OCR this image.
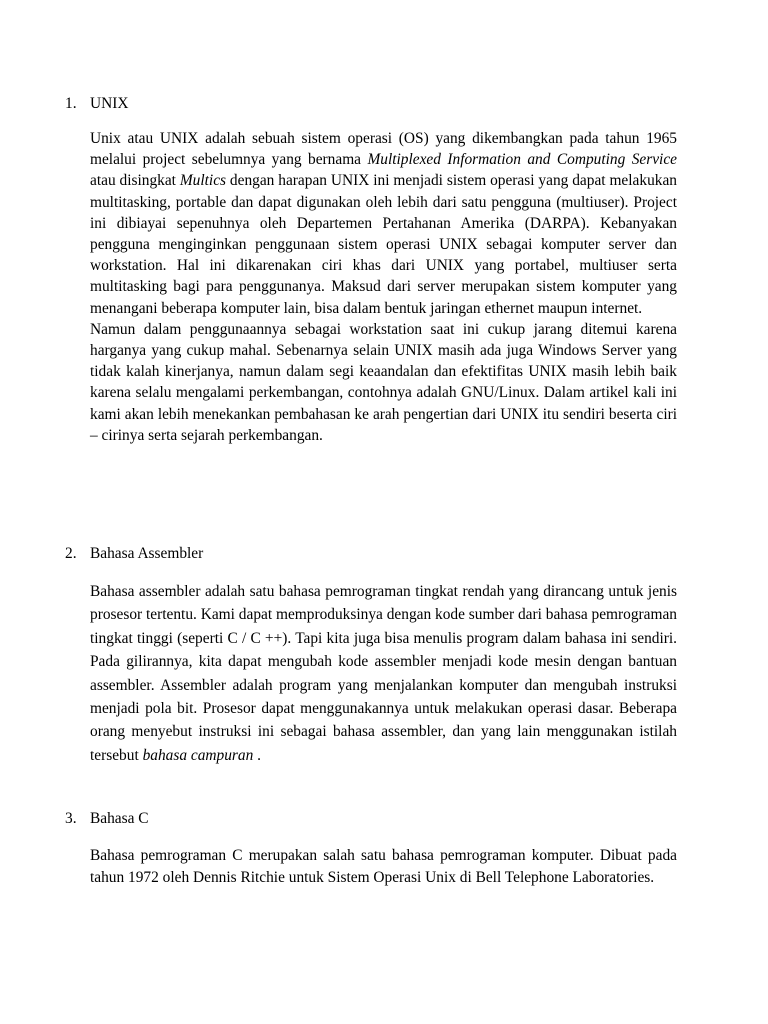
1. UNIX

Unix atau UNIX adalah sebuah sistem operasi (OS) yang dikembangkan pada tahun 1965 melalui project sebelumnya yang bernama Multiplexed Information and Computing Service atau disingkat Multics dengan harapan UNIX ini menjadi sistem operasi yang dapat melakukan multitasking, portable dan dapat digunakan oleh lebih dari satu pengguna (multiuser). Project ini dibiayai sepenuhnya oleh Departemen Pertahanan Amerika (DARPA). Kebanyakan pengguna menginginkan penggunaan sistem operasi UNIX sebagai komputer server dan workstation. Hal ini dikarenakan ciri khas dari UNIX yang portabel, multiuser serta multitasking bagi para penggunanya. Maksud dari server merupakan sistem komputer yang menangani beberapa komputer lain, bisa dalam bentuk jaringan ethernet maupun internet.

Namun dalam penggunaannya sebagai workstation saat ini cukup jarang ditemui karena harganya yang cukup mahal. Sebenarnya selain UNIX masih ada juga Windows Server yang tidak kalah kinerjanya, namun dalam segi keaandalan dan efektifitas UNIX masih lebih baik karena selalu mengalami perkembangan, contohnya adalah GNU/Linux. Dalam artikel kali ini kami akan lebih menekankan pembahasan ke arah pengertian dari UNIX itu sendiri beserta ciri – cirinya serta sejarah perkembangan.

2. Bahasa Assembler

Bahasa assembler adalah satu bahasa pemrograman tingkat rendah yang dirancang untuk jenis prosesor tertentu. Kami dapat memproduksinya dengan kode sumber dari bahasa pemrograman tingkat tinggi (seperti C / C ++). Tapi kita juga bisa menulis program dalam bahasa ini sendiri. Pada gilirannya, kita dapat mengubah kode assembler menjadi kode mesin dengan bantuan assembler. Assembler adalah program yang menjalankan komputer dan mengubah instruksi menjadi pola bit. Prosesor dapat menggunakannya untuk melakukan operasi dasar. Beberapa orang menyebut instruksi ini sebagai bahasa assembler, dan yang lain menggunakan istilah tersebut bahasa campuran .

3. Bahasa C

Bahasa pemrograman C merupakan salah satu bahasa pemrograman komputer. Dibuat pada tahun 1972 oleh Dennis Ritchie untuk Sistem Operasi Unix di Bell Telephone Laboratories.
